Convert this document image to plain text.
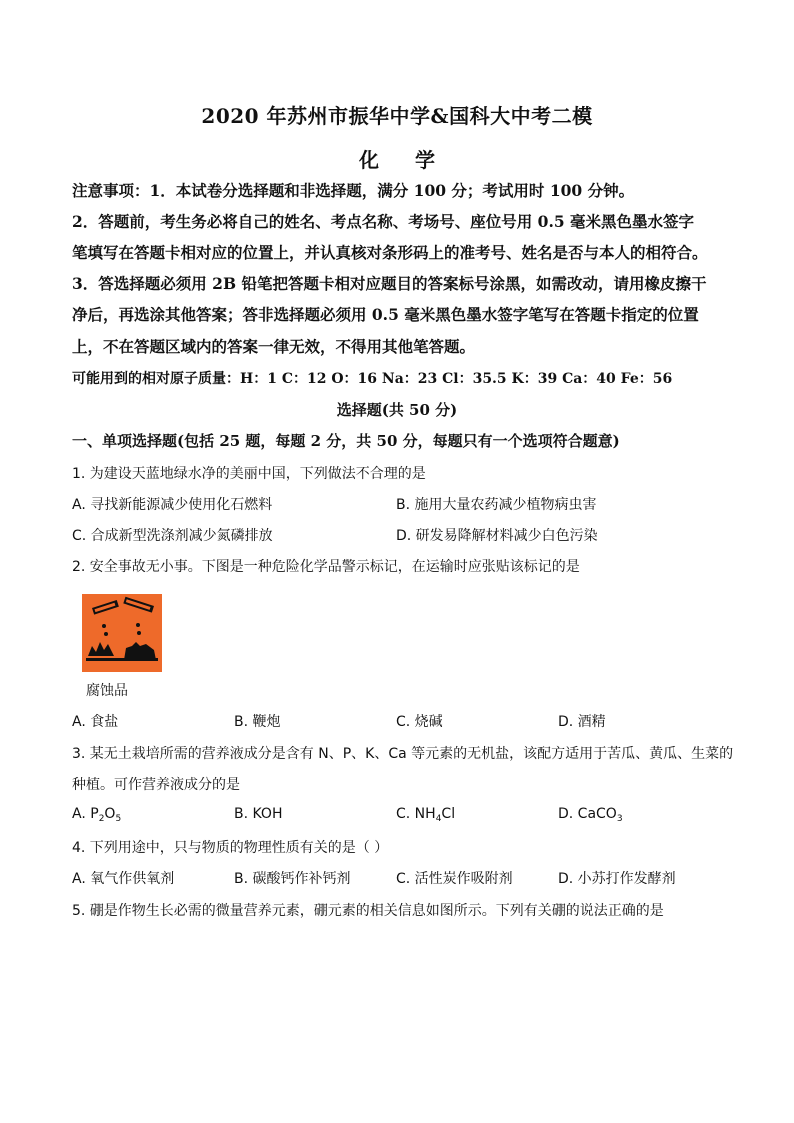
2020 年苏州市振华中学&国科大中考二模
化 学
注意事项：1．本试卷分选择题和非选择题，满分 100 分；考试用时 100 分钟。
2．答题前，考生务必将自己的姓名、考点名称、考场号、座位号用 0.5 毫米黑色墨水签字
笔填写在答题卡相对应的位置上，并认真核对条形码上的准考号、姓名是否与本人的相符合。
3．答选择题必须用 2B 铅笔把答题卡相对应题目的答案标号涂黑，如需改动，请用橡皮擦干
净后，再选涂其他答案；答非选择题必须用 0.5 毫米黑色墨水签字笔写在答题卡指定的位置
上，不在答题区域内的答案一律无效，不得用其他笔答题。
可能用到的相对原子质量：H：1 C：12 O：16 Na：23 Cl：35.5 K：39 Ca：40 Fe：56
选择题(共 50 分)
一、单项选择题(包括 25 题，每题 2 分，共 50 分，每题只有一个选项符合题意)
1. 为建设天蓝地绿水净的美丽中国，下列做法不合理的是
A. 寻找新能源减少使用化石燃料	B. 施用大量农药减少植物病虫害
C. 合成新型洗涤剂减少氮磷排放	D. 研发易降解材料减少白色污染
2. 安全事故无小事。下图是一种危险化学品警示标记，在运输时应张贴该标记的是
腐蚀品
A. 食盐	B. 鞭炮	C. 烧碱	D. 酒精
3. 某无土栽培所需的营养液成分是含有 N、P、K、Ca 等元素的无机盐，该配方适用于苦瓜、黄瓜、生菜的
种植。可作营养液成分的是
A. $P_2O_5$	B. KOH	C. $NH_4Cl$	D. CaCO$_3$
4. 下列用途中，只与物质的物理性质有关的是（ ）
A. 氧气作供氧剂	B. 碳酸钙作补钙剂	C. 活性炭作吸附剂	D. 小苏打作发酵剂
5. 硼是作物生长必需的微量营养元素，硼元素的相关信息如图所示。下列有关硼的说法正确的是
